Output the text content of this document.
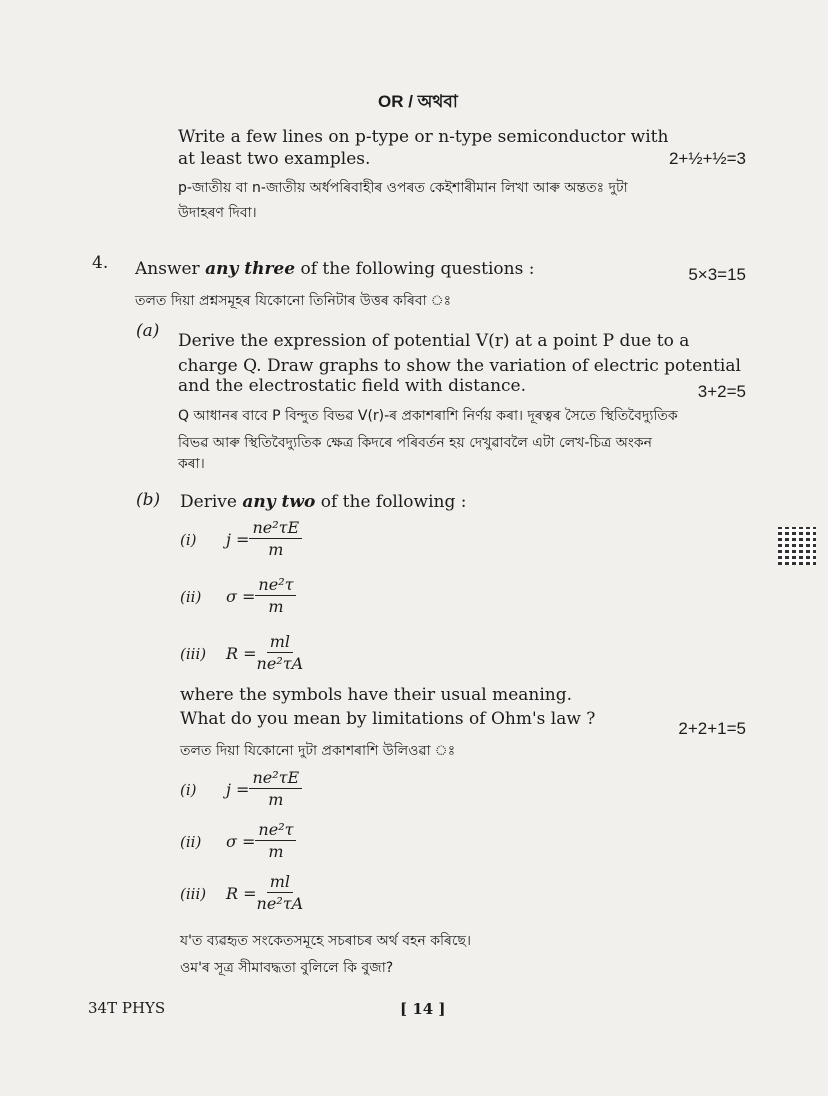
OR / অথবা
Write a few lines on p-type or n-type semiconductor with
at least two examples.	2+½+½=3
p-জাতীয় বা n-জাতীয় অৰ্ধপৰিবাহীৰ ওপৰত কেইশাৰীমান লিখা আৰু অন্ততঃ দুটা
উদাহৰণ দিবা।
4. Answer any three of the following questions :	5×3=15
তলত দিয়া প্ৰশ্নসমূহৰ যিকোনো তিনিটাৰ উত্তৰ কৰিবা ঃ
(a) Derive the expression of potential V(r) at a point P due to a
charge Q. Draw graphs to show the variation of electric potential
and the electrostatic field with distance.	3+2=5
Q আধানৰ বাবে P বিন্দুত বিভৱ V(r)-ৰ প্ৰকাশৰাশি নিৰ্ণয় কৰা। দূৰত্বৰ সৈতে স্থিতিবৈদ্যুতিক
বিভৱ আৰু স্থিতিবৈদ্যুতিক ক্ষেত্ৰ কিদৰে পৰিবৰ্তন হয় দেখুৱাবলৈ এটা লেখ-চিত্ৰ অংকন
কৰা।
(b) Derive any two of the following :
(i)	$j = \frac{\text{ne²τE}}{m}$
(ii)	$\sigma = \frac{\text{ne²τ}}{m}$
(iii)	$R = \frac{ml}{\text{ne²τA}}$
where the symbols have their usual meaning.
What do you mean by limitations of Ohm's law ?	2+2+1=5
তলত দিয়া যিকোনো দুটা প্ৰকাশৰাশি উলিওৱা ঃ
(i)	$j = \frac{\text{ne²τE}}{m}$
(ii)	$\sigma = \frac{\text{ne²τ}}{m}$
(iii)	$R = \frac{ml}{\text{ne²τA}}$
য'ত ব্যৱহৃত সংকেতসমূহে সচৰাচৰ অৰ্থ বহন কৰিছে।
ওম'ৰ সূত্ৰ সীমাবদ্ধতা বুলিলে কি বুজা?
34T PHYS	[ 14 ]
